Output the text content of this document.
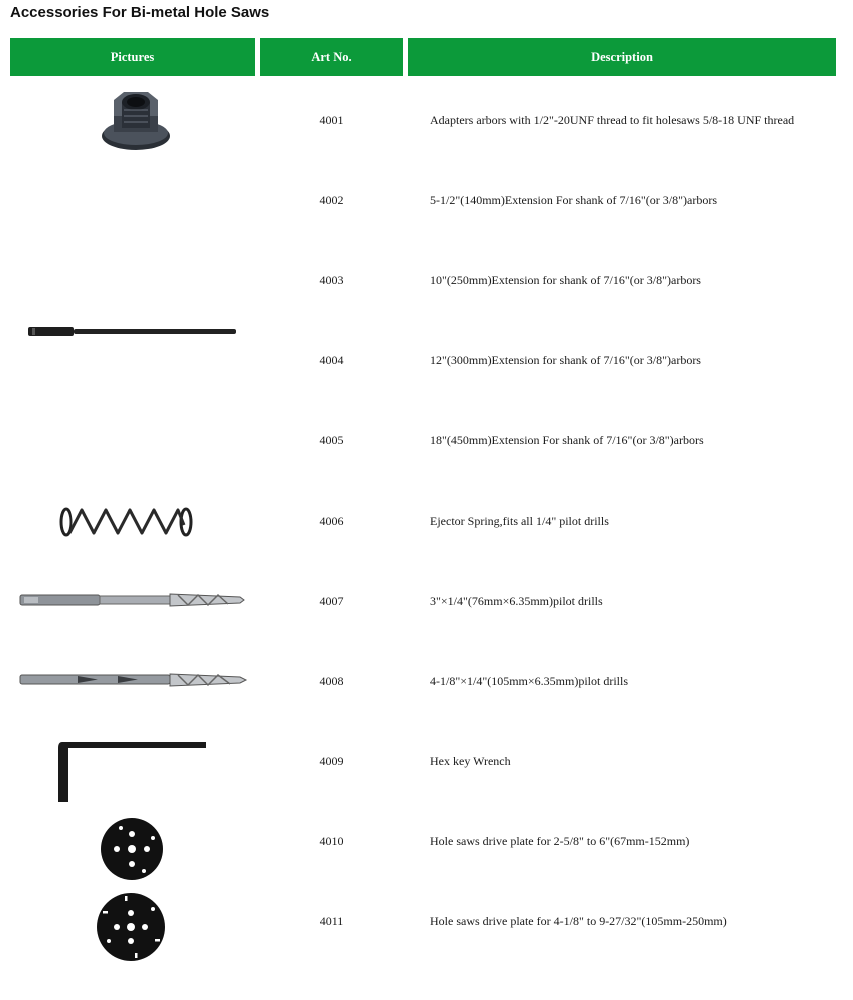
Accessories For Bi-metal Hole Saws
Pictures	Art No.	Description
4001	Adapters arbors with 1/2"-20UNF thread to fit holesaws 5/8-18 UNF thread
4002	5-1/2"(140mm)Extension For shank of 7/16"(or 3/8")arbors
4003	10"(250mm)Extension for shank of 7/16"(or 3/8")arbors
4004	12"(300mm)Extension for shank of 7/16"(or 3/8")arbors
4005	18"(450mm)Extension For shank of 7/16"(or 3/8")arbors
4006	Ejector Spring,fits all 1/4" pilot drills
4007	3"×1/4"(76mm×6.35mm)pilot drills
4008	4-1/8"×1/4"(105mm×6.35mm)pilot drills
4009	Hex key Wrench
4010	Hole saws drive plate for 2-5/8" to 6"(67mm-152mm)
4011	Hole saws drive plate for 4-1/8" to 9-27/32"(105mm-250mm)
